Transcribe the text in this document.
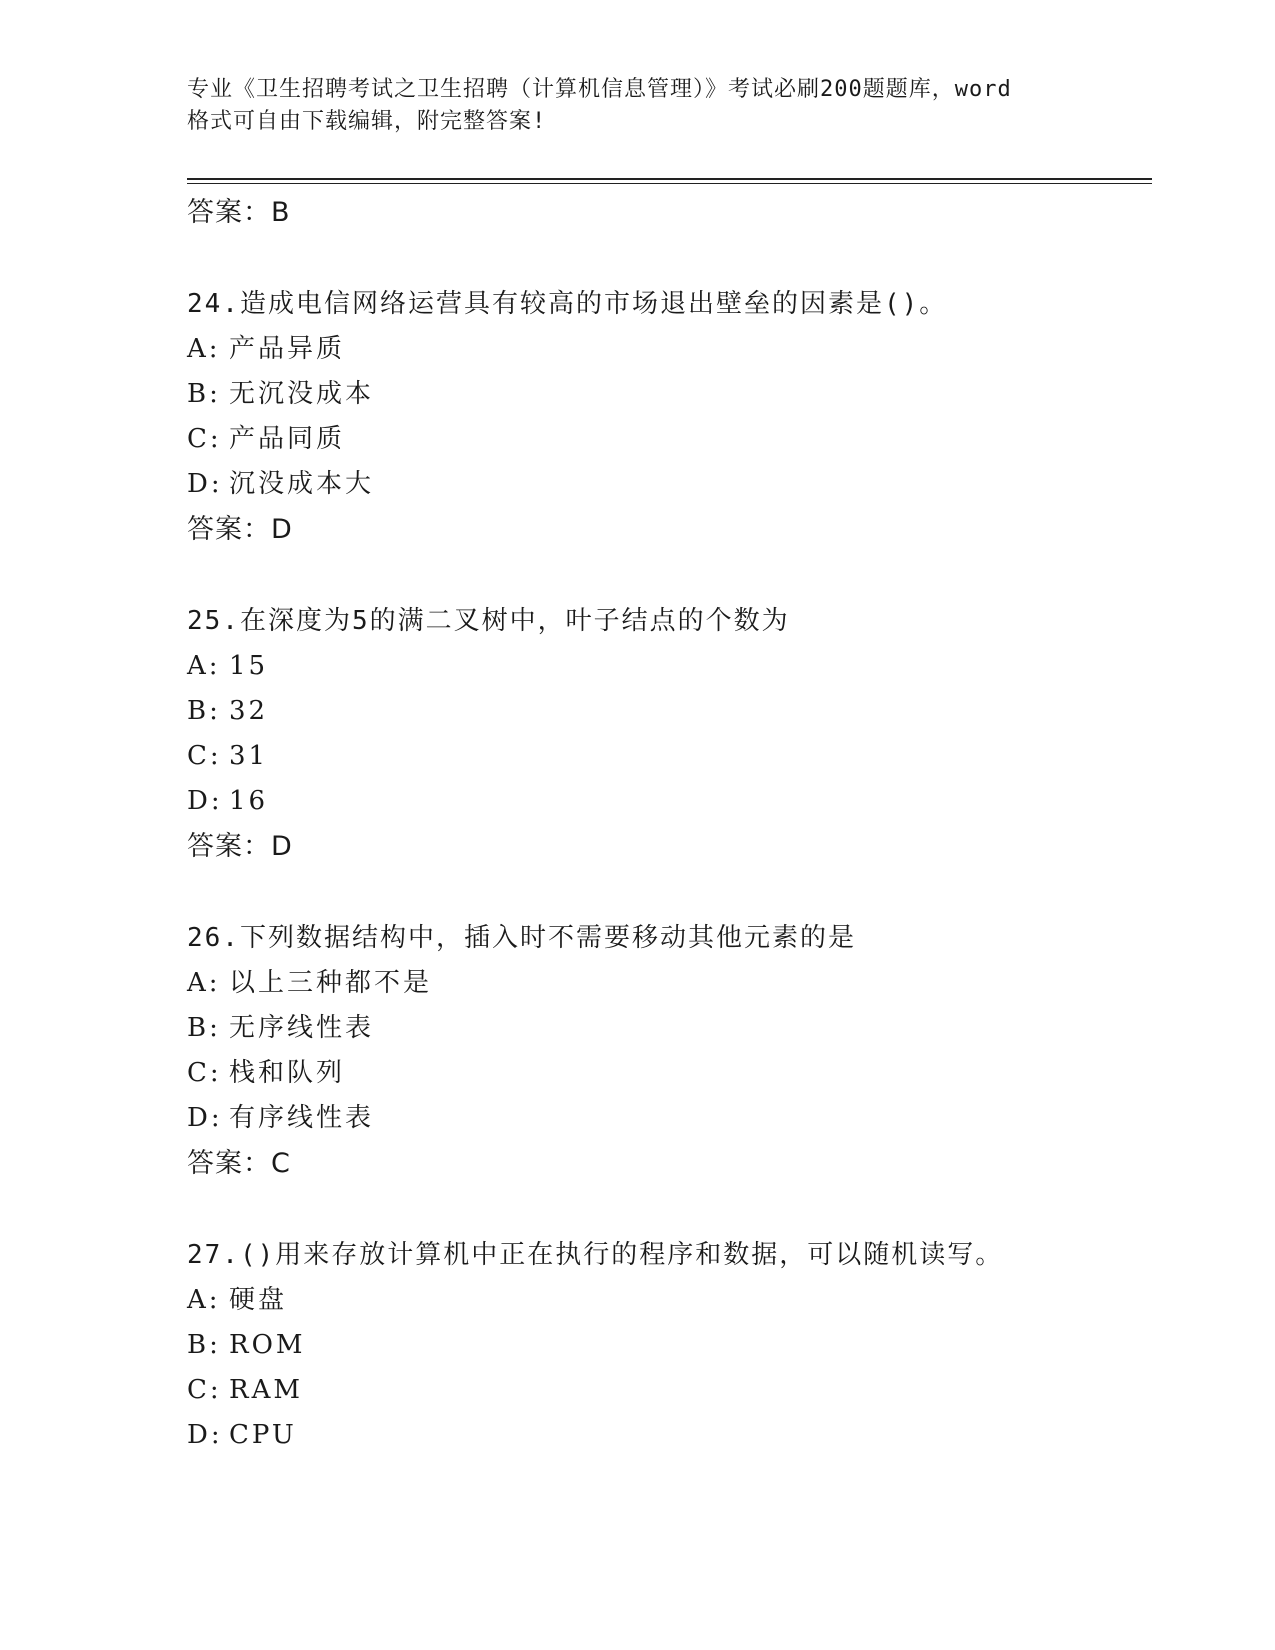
专业《卫生招聘考试之卫生招聘（计算机信息管理）》考试必刷200题题库，word
格式可自由下载编辑，附完整答案!
答案：B
24.造成电信网络运营具有较高的市场退出壁垒的因素是()。
A: 产品异质
B: 无沉没成本
C: 产品同质
D: 沉没成本大
答案：D
25.在深度为5的满二叉树中，叶子结点的个数为
A: 15
B: 32
C: 31
D: 16
答案：D
26.下列数据结构中，插入时不需要移动其他元素的是
A: 以上三种都不是
B: 无序线性表
C: 栈和队列
D: 有序线性表
答案：C
27.()用来存放计算机中正在执行的程序和数据，可以随机读写。
A: 硬盘
B: ROM
C: RAM
D: CPU
